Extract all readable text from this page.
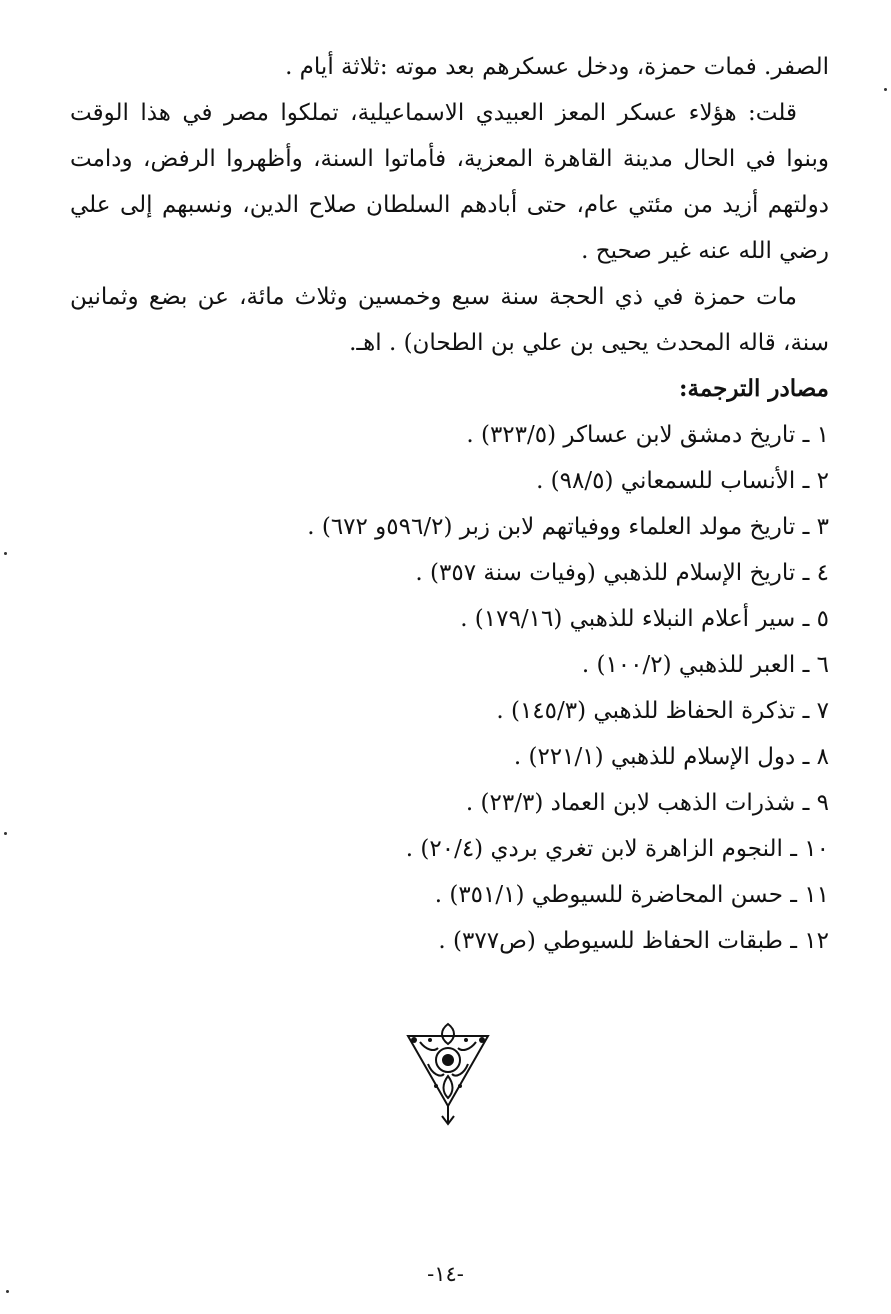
الصفر. فمات حمزة، ودخل عسكرهم بعد موته :ثلاثة أيام .

قلت: هؤلاء عسكر المعز العبيدي الاسماعيلية، تملكوا مصر في هذا الوقت وبنوا في الحال مدينة القاهرة المعزية، فأماتوا السنة، وأظهروا الرفض، ودامت دولتهم أزيد من مئتي عام، حتى أبادهم السلطان صلاح الدين، ونسبهم إلى علي رضي الله عنه غير صحيح .

مات حمزة في ذي الحجة سنة سبع وخمسين وثلاث مائة، عن بضع وثمانين سنة، قاله المحدث يحيى بن علي بن الطحان) . اهـ.

مصادر الترجمة:

١ ـ تاريخ دمشق لابن عساكر (٣٢٣/٥) .
٢ ـ الأنساب للسمعاني (٩٨/٥) .
٣ ـ تاريخ مولد العلماء ووفياتهم لابن زبر (٥٩٦/٢و ٦٧٢) .
٤ ـ تاريخ الإسلام للذهبي (وفيات سنة ٣٥٧) .
٥ ـ سير أعلام النبلاء للذهبي (١٧٩/١٦) .
٦ ـ العبر للذهبي (١٠٠/٢) .
٧ ـ تذكرة الحفاظ للذهبي (١٤٥/٣) .
٨ ـ دول الإسلام للذهبي (٢٢١/١) .
٩ ـ شذرات الذهب لابن العماد (٢٣/٣) .
١٠ ـ النجوم الزاهرة لابن تغري بردي (٢٠/٤) .
١١ ـ حسن المحاضرة للسيوطي (٣٥١/١) .
١٢ ـ طبقات الحفاظ للسيوطي (ص٣٧٧) .
-١٤-
